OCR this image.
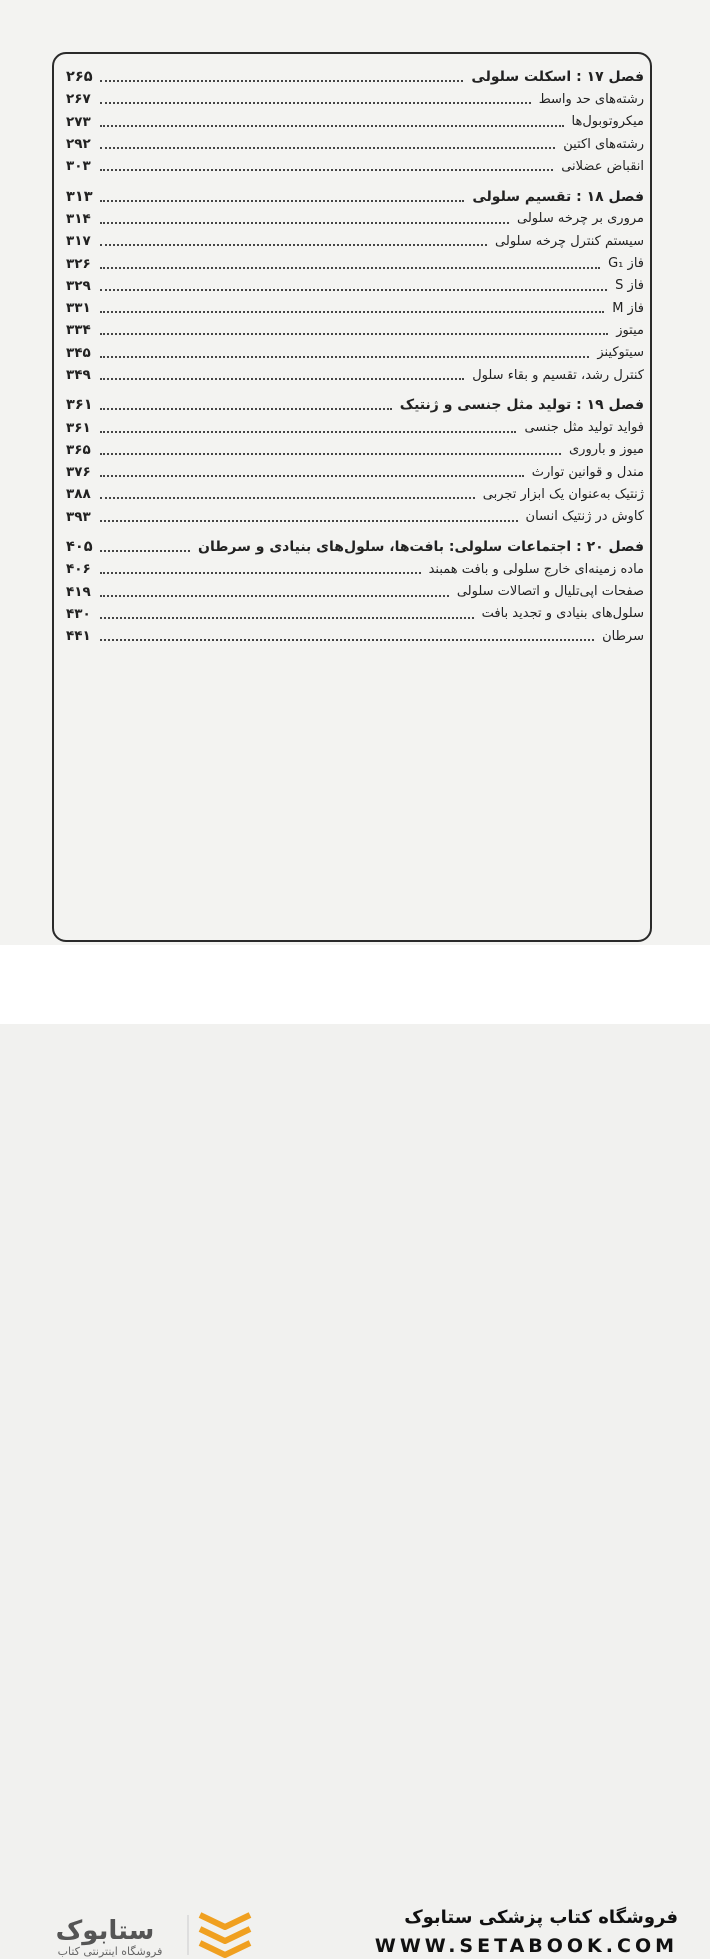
فصل ۱۷ : اسکلت سلولی
۲۶۵
رشته‌های حد واسط
۲۶۷
میکروتوبول‌ها
۲۷۳
رشته‌های اکتین
۲۹۲
انقباض عضلانی
۳۰۳
فصل ۱۸ : تقسیم سلولی
۳۱۳
مروری بر چرخه سلولی
۳۱۴
سیستم کنترل چرخه سلولی
۳۱۷
فاز G₁
۳۲۶
فاز S
۳۲۹
فاز M
۳۳۱
میتوز
۳۳۴
سیتوکینز
۳۴۵
کنترل رشد، تقسیم و بقاء سلول
۳۴۹
فصل ۱۹ : تولید مثل جنسی و ژنتیک
۳۶۱
فواید تولید مثل جنسی
۳۶۱
میوز و باروری
۳۶۵
مندل و قوانین توارث
۳۷۶
ژنتیک به‌عنوان یک ابزار تجربی
۳۸۸
کاوش در ژنتیک انسان
۳۹۳
فصل ۲۰ : اجتماعات سلولی: بافت‌ها، سلول‌های بنیادی و سرطان
۴۰۵
ماده زمینه‌ای خارج سلولی و بافت همبند
۴۰۶
صفحات اپی‌تلیال و اتصالات سلولی
۴۱۹
سلول‌های بنیادی و تجدید بافت
۴۳۰
سرطان
۴۴۱
ستابوک
فروشگاه اینترنتی کتاب
فروشگاه کتاب پزشکی ستابوک
WWW.SETABOOK.COM
